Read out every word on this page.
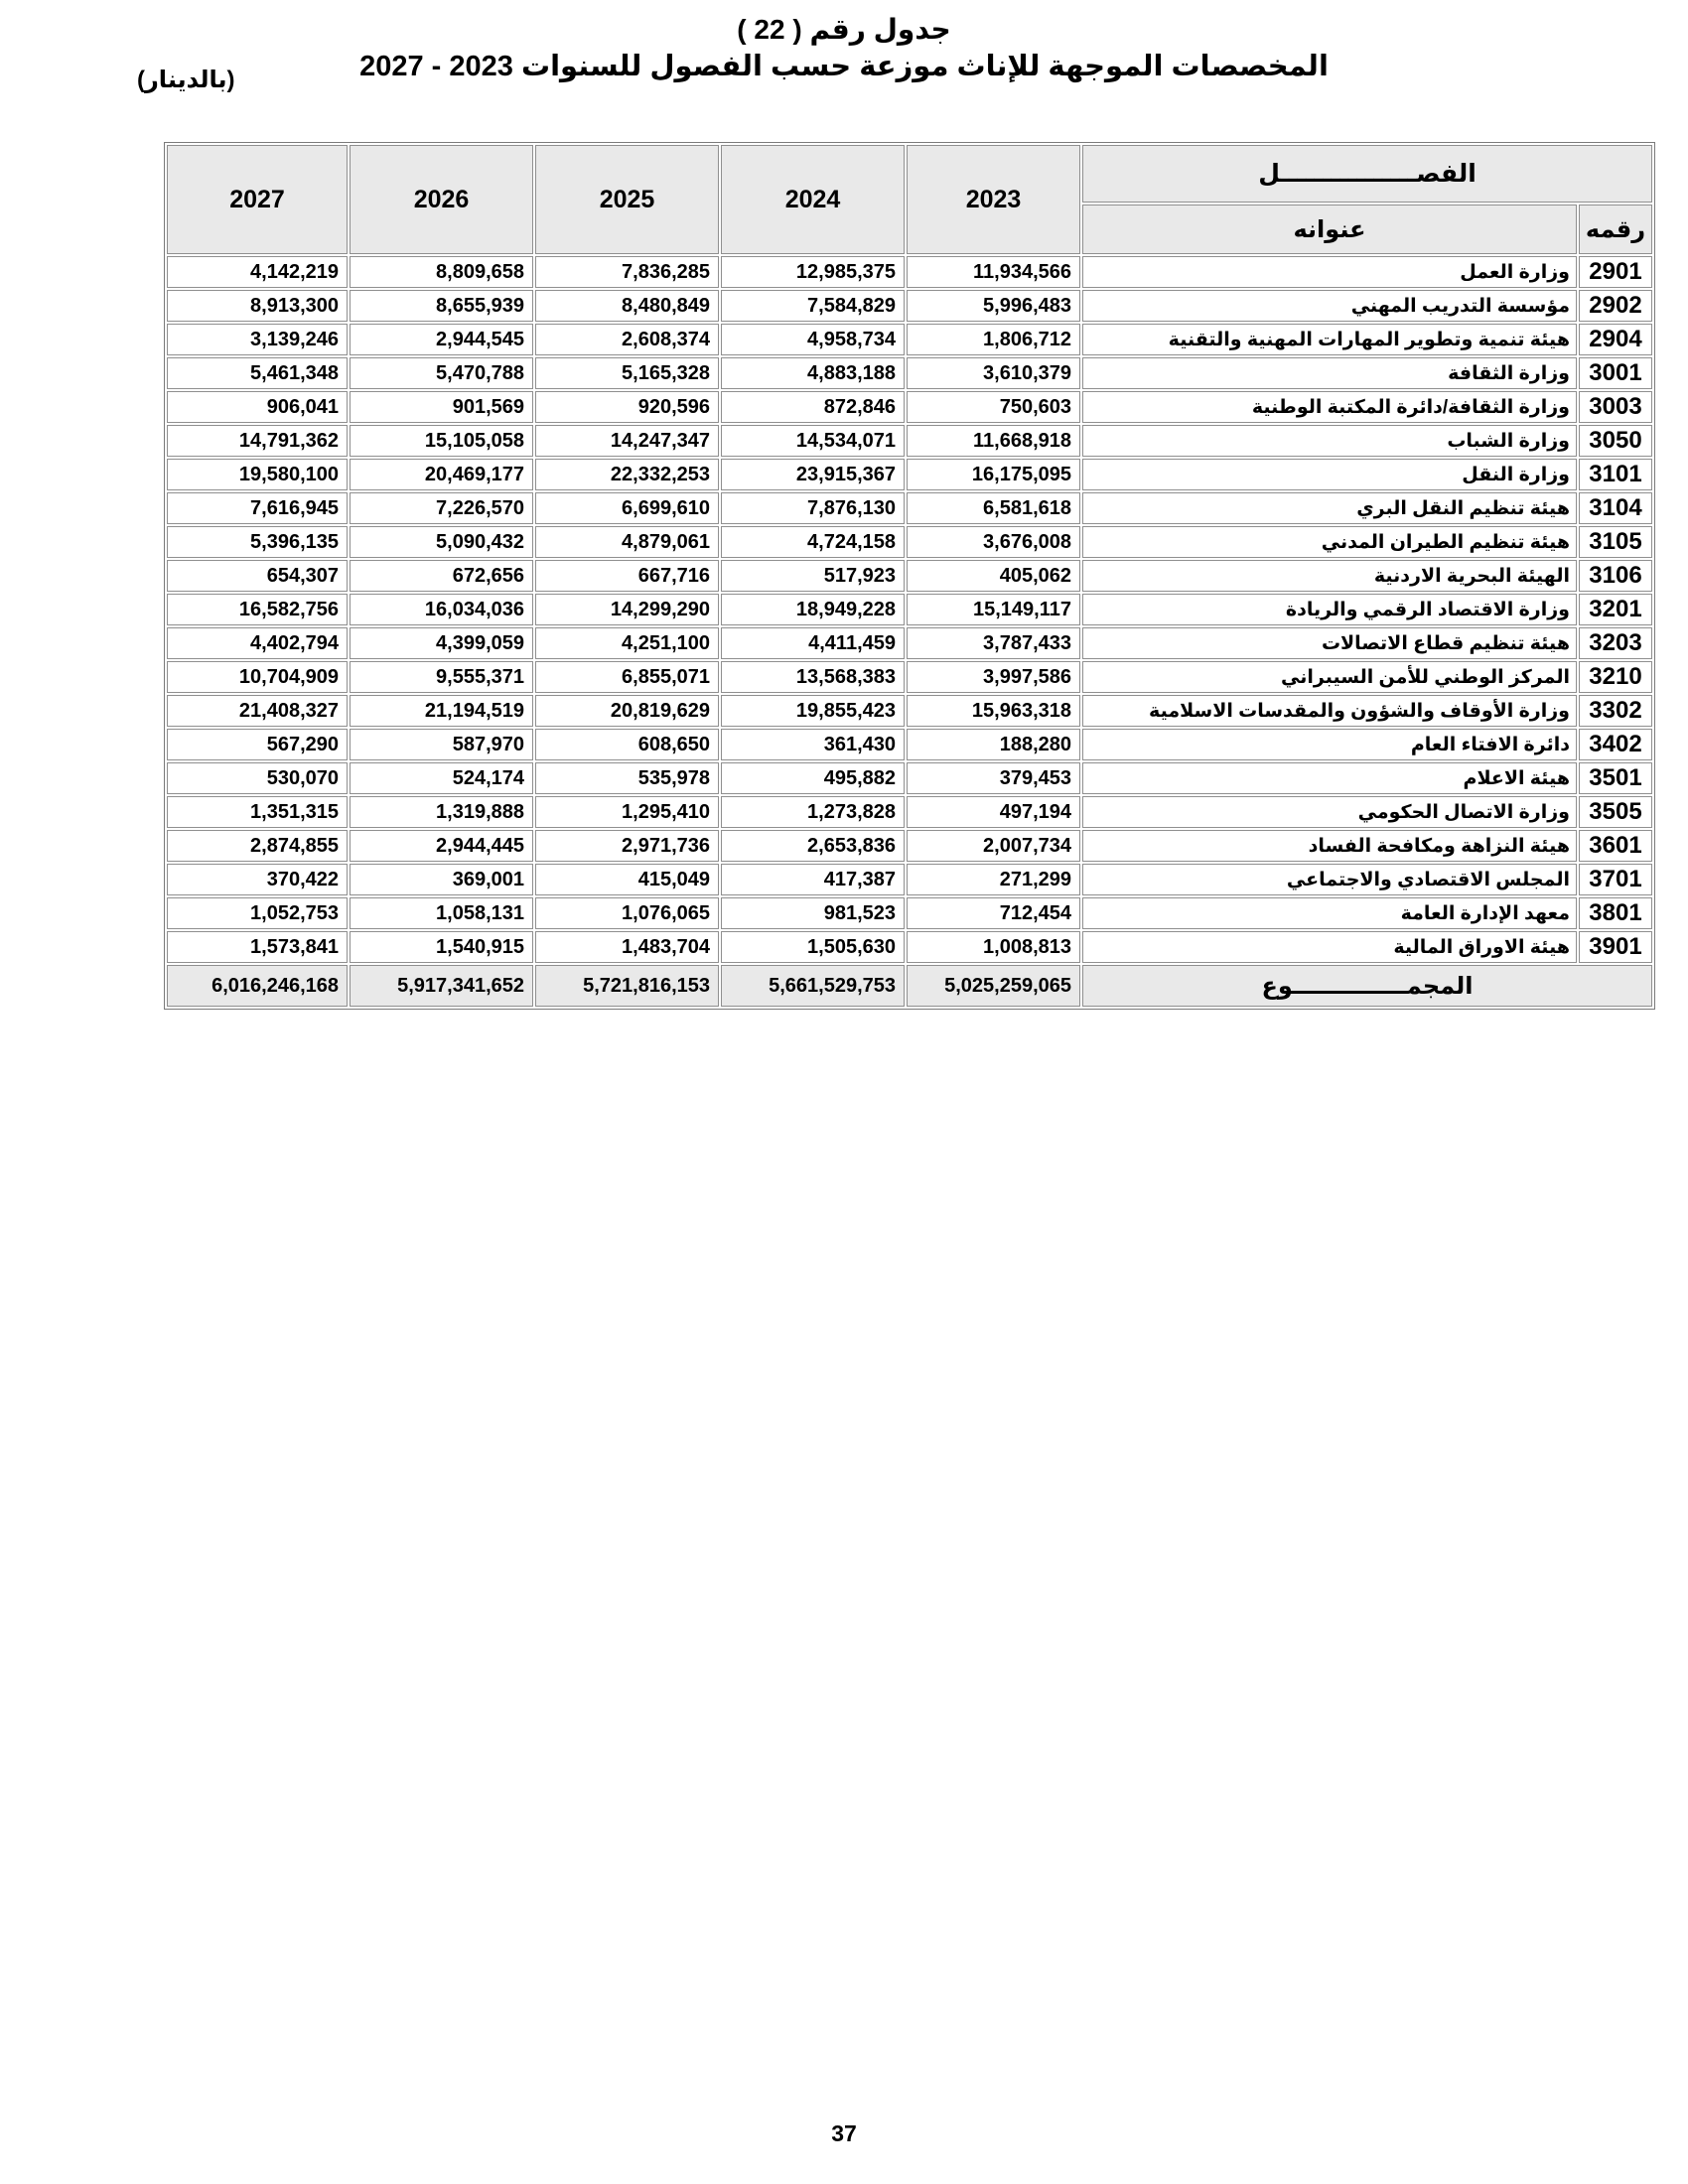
جدول رقم ( 22 )
المخصصات الموجهة للإناث موزعة حسب الفصول للسنوات 2023 - 2027
(بالدينار)
الفصــــــــــــــــل		2023	2024	2025	2026	2027
رقمه	عنوانه					
2901	وزارة العمل	11,934,566	12,985,375	7,836,285	8,809,658	4,142,219
2902	مؤسسة التدريب المهني	5,996,483	7,584,829	8,480,849	8,655,939	8,913,300
2904	هيئة تنمية وتطوير المهارات المهنية والتقنية	1,806,712	4,958,734	2,608,374	2,944,545	3,139,246
3001	وزارة الثقافة	3,610,379	4,883,188	5,165,328	5,470,788	5,461,348
3003	وزارة الثقافة/دائرة المكتبة الوطنية	750,603	872,846	920,596	901,569	906,041
3050	وزارة الشباب	11,668,918	14,534,071	14,247,347	15,105,058	14,791,362
3101	وزارة النقل	16,175,095	23,915,367	22,332,253	20,469,177	19,580,100
3104	هيئة تنظيم النقل البري	6,581,618	7,876,130	6,699,610	7,226,570	7,616,945
3105	هيئة تنظيم الطيران المدني	3,676,008	4,724,158	4,879,061	5,090,432	5,396,135
3106	الهيئة البحرية الاردنية	405,062	517,923	667,716	672,656	654,307
3201	وزارة الاقتصاد الرقمي والريادة	15,149,117	18,949,228	14,299,290	16,034,036	16,582,756
3203	هيئة تنظيم قطاع الاتصالات	3,787,433	4,411,459	4,251,100	4,399,059	4,402,794
3210	المركز الوطني للأمن السيبراني	3,997,586	13,568,383	6,855,071	9,555,371	10,704,909
3302	وزارة الأوقاف والشؤون والمقدسات الاسلامية	15,963,318	19,855,423	20,819,629	21,194,519	21,408,327
3402	دائرة الافتاء العام	188,280	361,430	608,650	587,970	567,290
3501	هيئة الاعلام	379,453	495,882	535,978	524,174	530,070
3505	وزارة الاتصال الحكومي	497,194	1,273,828	1,295,410	1,319,888	1,351,315
3601	هيئة النزاهة ومكافحة الفساد	2,007,734	2,653,836	2,971,736	2,944,445	2,874,855
3701	المجلس الاقتصادي والاجتماعي	271,299	417,387	415,049	369,001	370,422
3801	معهد الإدارة العامة	712,454	981,523	1,076,065	1,058,131	1,052,753
3901	هيئة الاوراق المالية	1,008,813	1,505,630	1,483,704	1,540,915	1,573,841
المجمــــــــــــــوع		5,025,259,065	5,661,529,753	5,721,816,153	5,917,341,652	6,016,246,168
37
